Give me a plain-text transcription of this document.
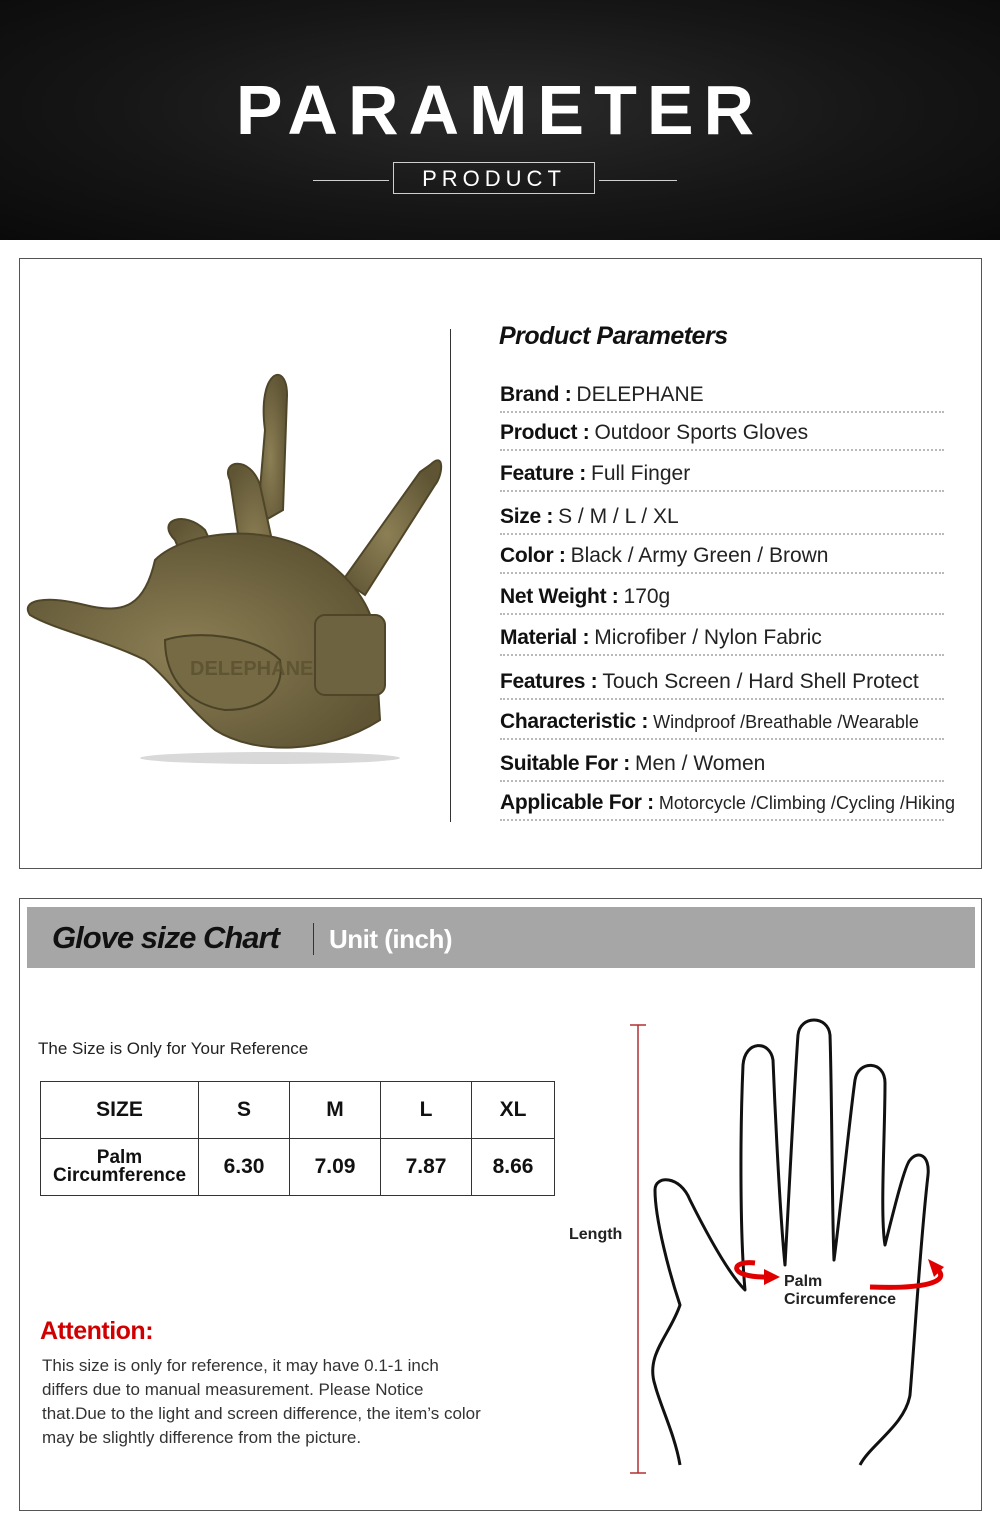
PARAMETER
PRODUCT
DELEPHANE
Product Parameters
Brand : DELEPHANE
Product : Outdoor Sports Gloves
Feature : Full Finger
Size : S / M / L / XL
Color : Black / Army Green / Brown
Net Weight : 170g
Material : Microfiber / Nylon Fabric
Features : Touch Screen / Hard Shell Protect
Characteristic : Windproof /Breathable /Wearable
Suitable For : Men / Women
Applicable For : Motorcycle /Climbing /Cycling /Hiking
Glove size Chart Unit (inch)
The Size is Only for Your Reference
SIZE	S	M	L	XL
Palm
Circumference	6.30	7.09	7.87	8.66
Attention:
This size is only for reference, it may have 0.1-1 inch differs due to manual measurement. Please Notice that.Due to the light and screen difference, the item’s color may be slightly difference from the picture.
Length
Palm
Circumference
